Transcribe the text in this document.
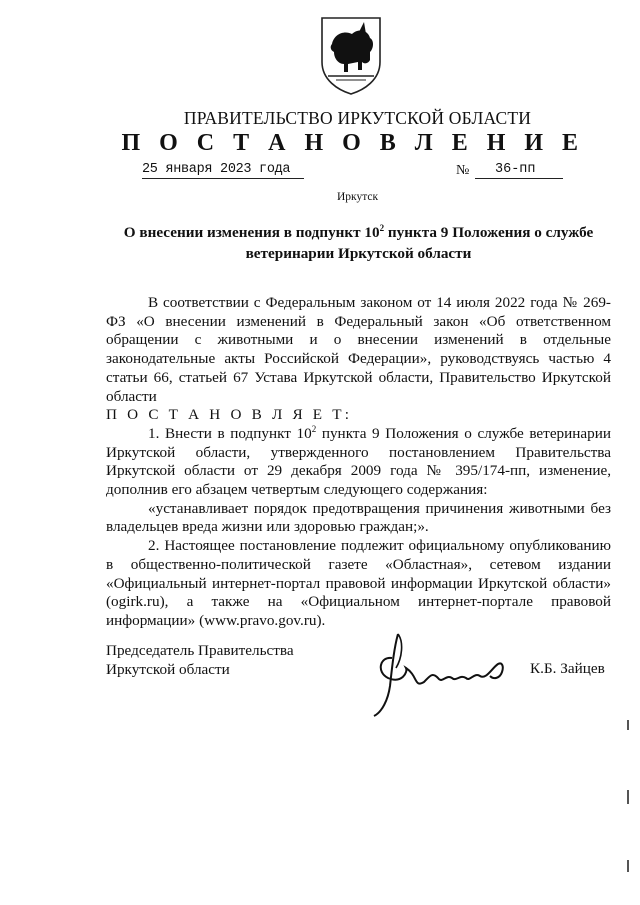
ПРАВИТЕЛЬСТВО ИРКУТСКОЙ ОБЛАСТИ
П О С Т А Н О В Л Е Н И Е
25 января 2023 года	№	36-пп
Иркутск
О внесении изменения в подпункт $10^2$ пункта 9 Положения о службе ветеринарии Иркутской области

В соответствии с Федеральным законом от 14 июля 2022 года № 269-ФЗ «О внесении изменений в Федеральный закон «Об ответственном обращении с животными и о внесении изменений в отдельные законодательные акты Российской Федерации», руководствуясь частью 4 статьи 66, статьей 67 Устава Иркутской области, Правительство Иркутской области

П О С Т А Н О В Л Я Е Т:

1. Внести в подпункт $10^2$ пункта 9 Положения о службе ветеринарии Иркутской области, утвержденного постановлением Правительства Иркутской области от 29 декабря 2009 года № 395/174-пп, изменение, дополнив его абзацем четвертым следующего содержания:

«устанавливает порядок предотвращения причинения животными без владельцев вреда жизни или здоровью граждан;».

2. Настоящее постановление подлежит официальному опубликованию в общественно-политической газете «Областная», сетевом издании «Официальный интернет-портал правовой информации Иркутской области» (ogirk.ru), а также на «Официальном интернет-портале правовой информации» (www.pravo.gov.ru).

Председатель Правительства
Иркутской области	К.Б. Зайцев
